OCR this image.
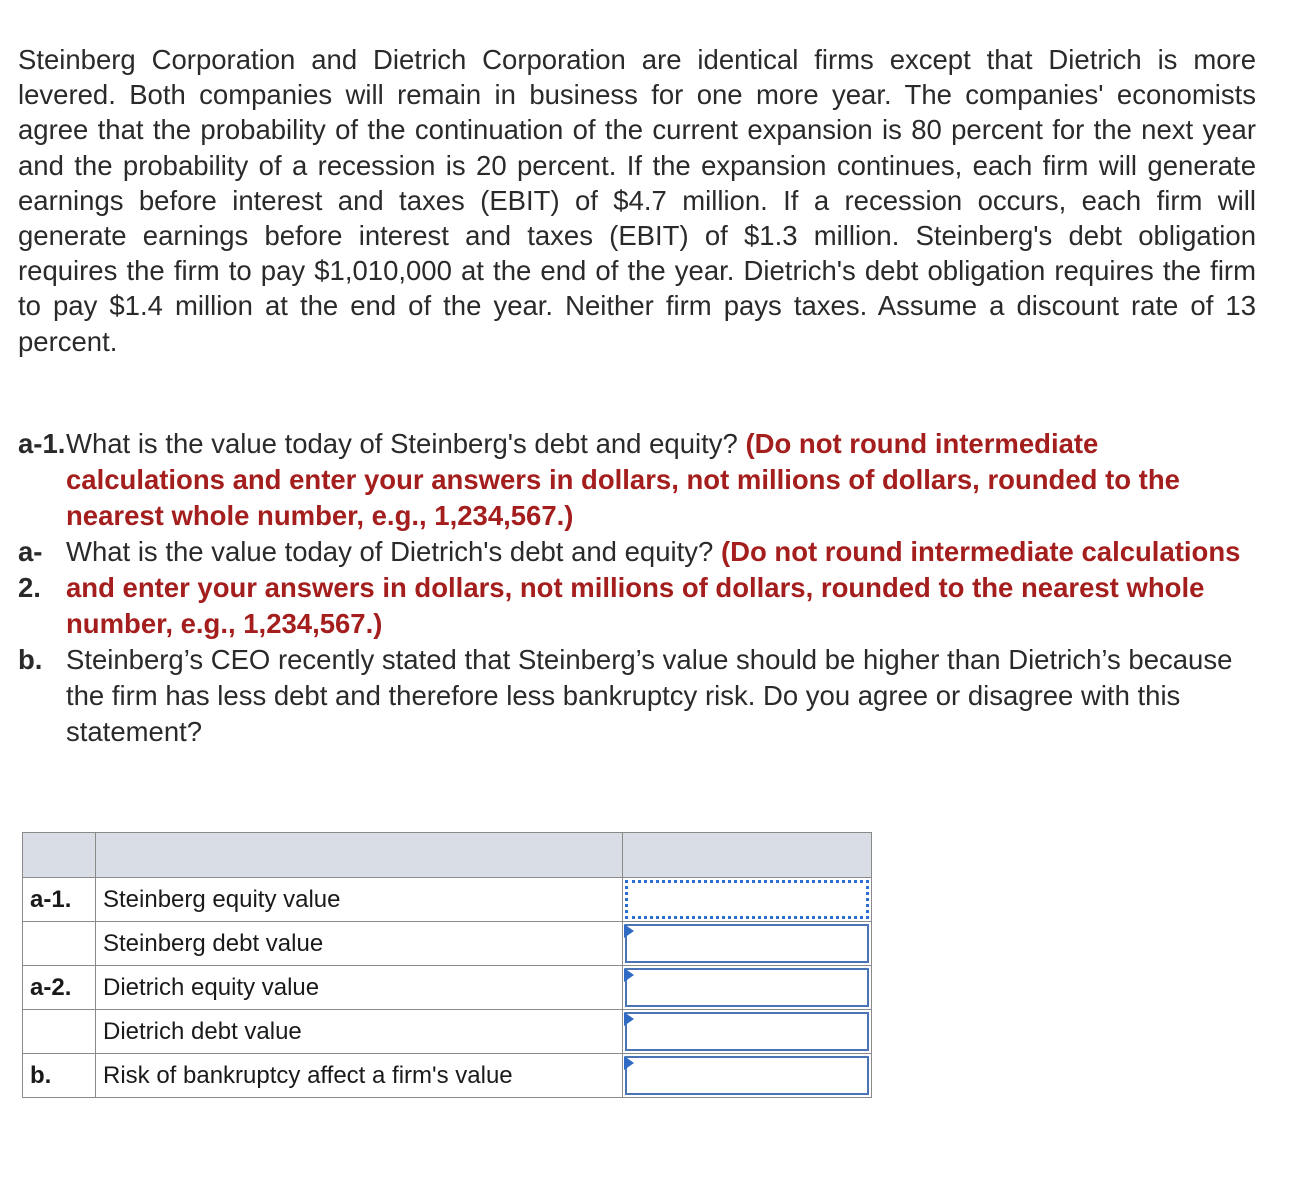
Steinberg Corporation and Dietrich Corporation are identical firms except that Dietrich is more levered. Both companies will remain in business for one more year. The companies' economists agree that the probability of the continuation of the current expansion is 80 percent for the next year and the probability of a recession is 20 percent. If the expansion continues, each firm will generate earnings before interest and taxes (EBIT) of $4.7 million. If a recession occurs, each firm will generate earnings before interest and taxes (EBIT) of $1.3 million. Steinberg's debt obligation requires the firm to pay $1,010,000 at the end of the year. Dietrich's debt obligation requires the firm to pay $1.4 million at the end of the year. Neither firm pays taxes. Assume a discount rate of 13 percent.

a-1. What is the value today of Steinberg's debt and equity? (Do not round intermediate calculations and enter your answers in dollars, not millions of dollars, rounded to the nearest whole number, e.g., 1,234,567.)
a-
2.
What is the value today of Dietrich's debt and equity? (Do not round intermediate calculations and enter your answers in dollars, not millions of dollars, rounded to the nearest whole number, e.g., 1,234,567.)
b. Steinberg’s CEO recently stated that Steinberg’s value should be higher than Dietrich’s because the firm has less debt and therefore less bankruptcy risk. Do you agree or disagree with this statement?

a-1.	Steinberg equity value	

	Steinberg debt value	

a-2.	Dietrich equity value	

	Dietrich debt value	

b.	Risk of bankruptcy affect a firm's value	
